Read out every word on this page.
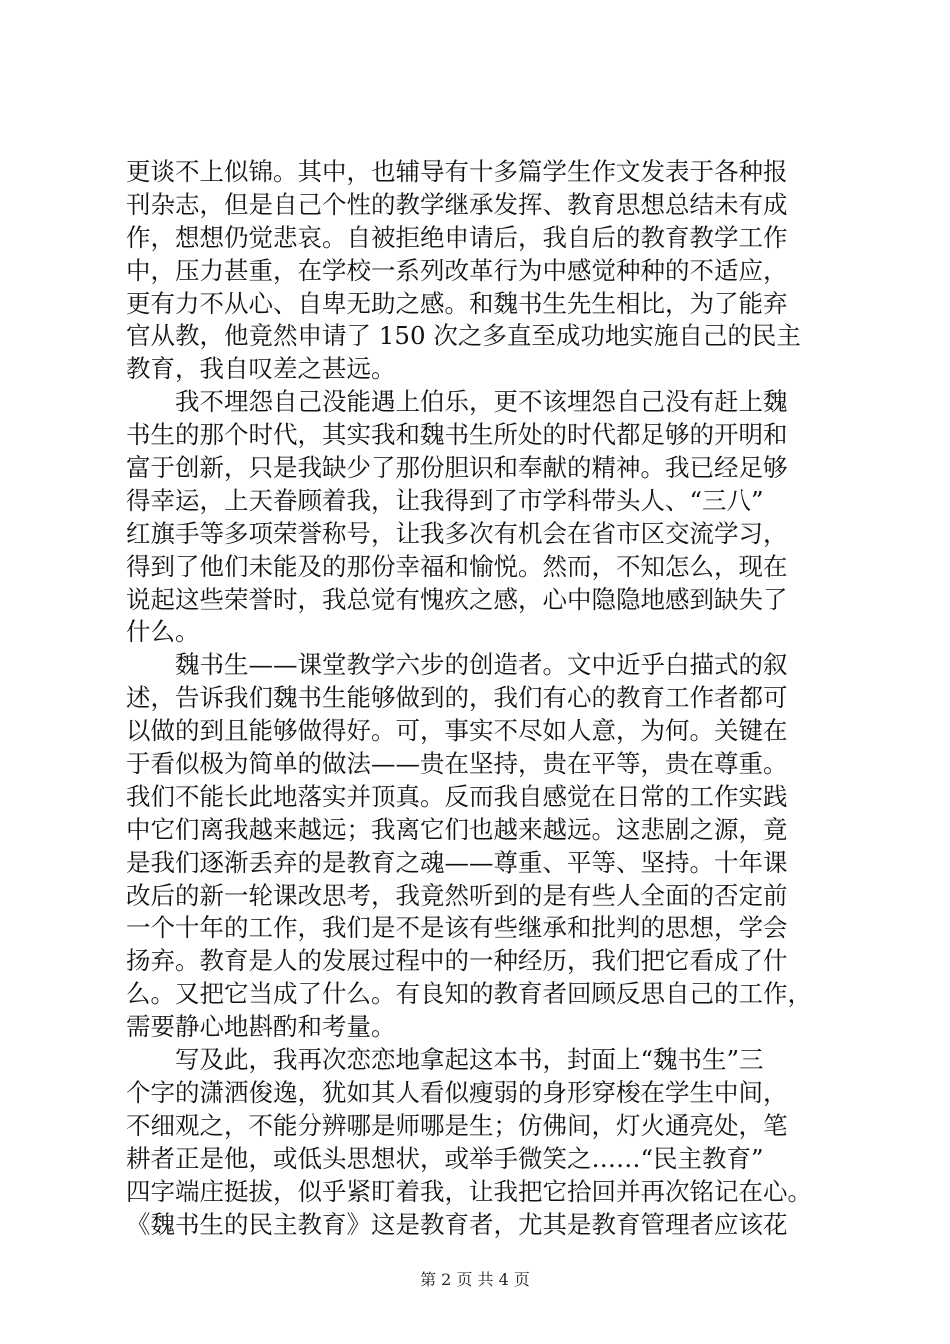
更谈不上似锦。其中，也辅导有十多篇学生作文发表于各种报
刊杂志，但是自己个性的教学继承发挥、教育思想总结未有成
作，想想仍觉悲哀。自被拒绝申请后，我自后的教育教学工作
中，压力甚重，在学校一系列改革行为中感觉种种的不适应，
更有力不从心、自卑无助之感。和魏书生先生相比，为了能弃
官从教，他竟然申请了 150 次之多直至成功地实施自己的民主
教育，我自叹差之甚远。
　　我不埋怨自己没能遇上伯乐，更不该埋怨自己没有赶上魏
书生的那个时代，其实我和魏书生所处的时代都足够的开明和
富于创新，只是我缺少了那份胆识和奉献的精神。我已经足够
得幸运，上天眷顾着我，让我得到了市学科带头人、“三八”
红旗手等多项荣誉称号，让我多次有机会在省市区交流学习，
得到了他们未能及的那份幸福和愉悦。然而，不知怎么，现在
说起这些荣誉时，我总觉有愧疚之感，心中隐隐地感到缺失了
什么。
　　魏书生——课堂教学六步的创造者。文中近乎白描式的叙
述，告诉我们魏书生能够做到的，我们有心的教育工作者都可
以做的到且能够做得好。可，事实不尽如人意，为何。关键在
于看似极为简单的做法——贵在坚持，贵在平等，贵在尊重。
我们不能长此地落实并顶真。反而我自感觉在日常的工作实践
中它们离我越来越远；我离它们也越来越远。这悲剧之源，竟
是我们逐渐丢弃的是教育之魂——尊重、平等、坚持。十年课
改后的新一轮课改思考，我竟然听到的是有些人全面的否定前
一个十年的工作，我们是不是该有些继承和批判的思想，学会
扬弃。教育是人的发展过程中的一种经历，我们把它看成了什
么。又把它当成了什么。有良知的教育者回顾反思自己的工作，
需要静心地斟酌和考量。
　　写及此，我再次恋恋地拿起这本书，封面上“魏书生”三
个字的潇洒俊逸，犹如其人看似瘦弱的身形穿梭在学生中间，
不细观之，不能分辨哪是师哪是生；仿佛间，灯火通亮处，笔
耕者正是他，或低头思想状，或举手微笑之……“民主教育”
四字端庄挺拔，似乎紧盯着我，让我把它拾回并再次铭记在心。
《魏书生的民主教育》这是教育者，尤其是教育管理者应该花
第 2 页 共 4 页
